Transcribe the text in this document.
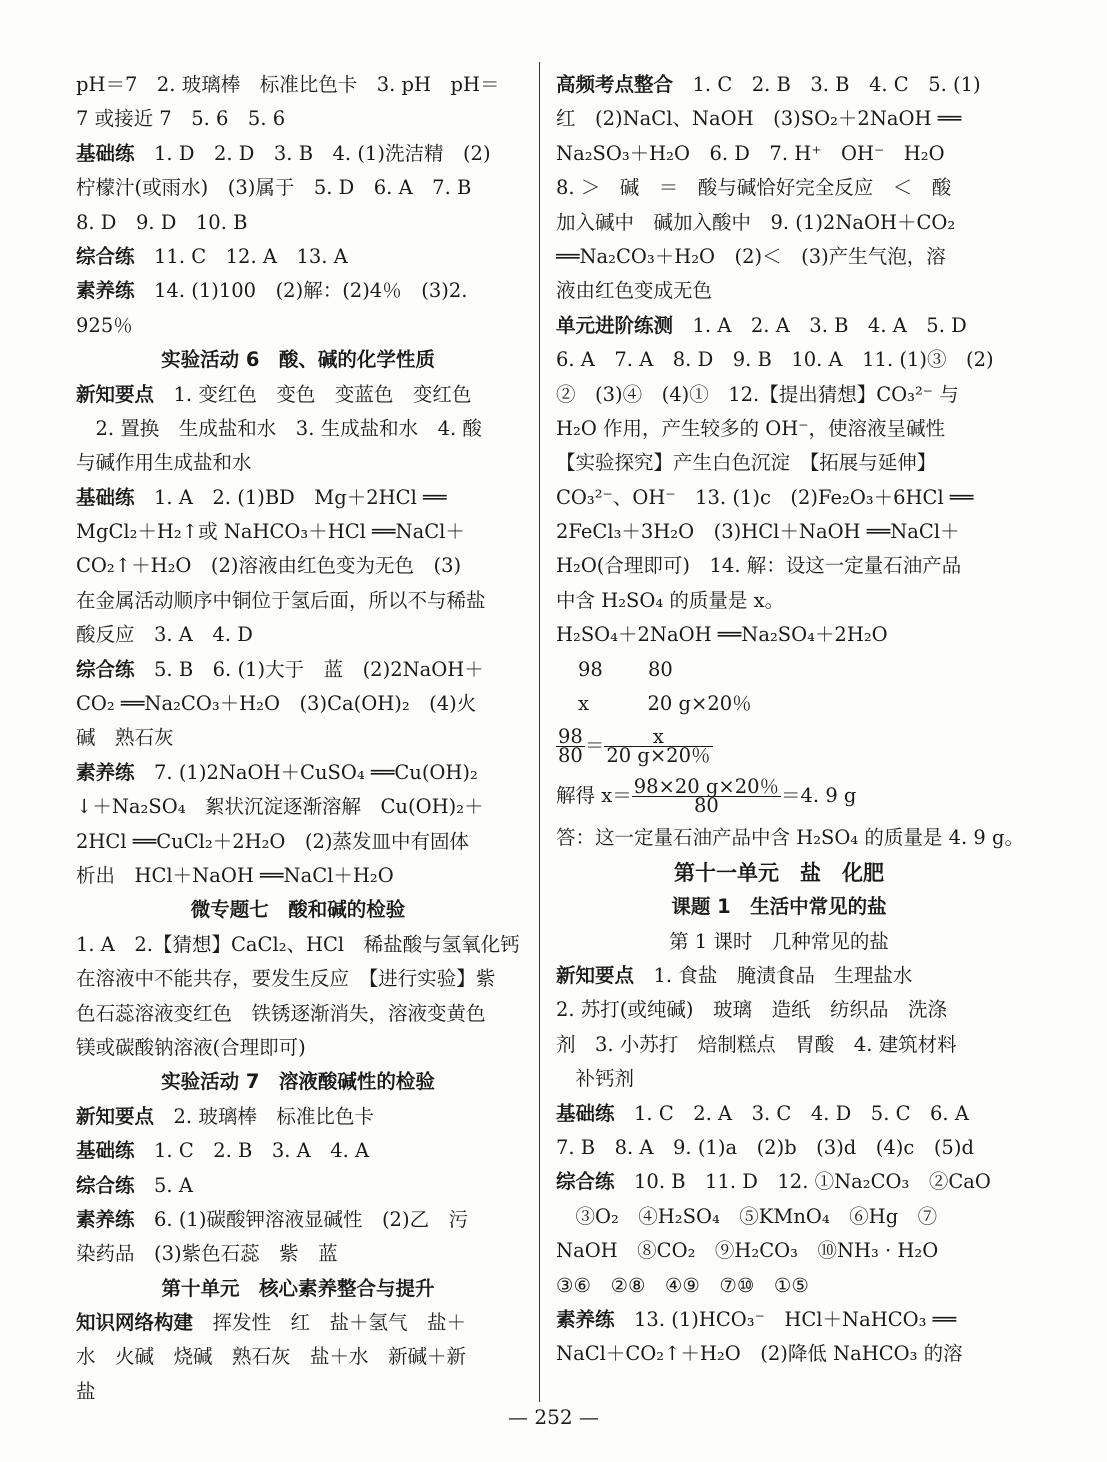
pH＝7　2. 玻璃棒　标准比色卡　3. pH　pH＝
7 或接近 7　5. 6　5. 6
基础练　1. D　2. D　3. B　4. (1)洗洁精　(2)
柠檬汁(或雨水)　(3)属于　5. D　6. A　7. B
8. D　9. D　10. B
综合练　11. C　12. A　13. A
素养练　14. (1)100　(2)解：(2)4％　(3)2.
925％
实验活动 6　酸、碱的化学性质
新知要点　1. 变红色　变色　变蓝色　变红色
　2. 置换　生成盐和水　3. 生成盐和水　4. 酸
与碱作用生成盐和水
基础练　1. A　2. (1)BD　Mg＋2HCl ══
MgCl₂＋H₂↑或 NaHCO₃＋HCl ══NaCl＋
CO₂↑＋H₂O　(2)溶液由红色变为无色　(3)
在金属活动顺序中铜位于氢后面，所以不与稀盐
酸反应　3. A　4. D
综合练　5. B　6. (1)大于　蓝　(2)2NaOH＋
CO₂ ══Na₂CO₃＋H₂O　(3)Ca(OH)₂　(4)火
碱　熟石灰
素养练　7. (1)2NaOH＋CuSO₄ ══Cu(OH)₂
↓＋Na₂SO₄　絮状沉淀逐渐溶解　Cu(OH)₂＋
2HCl ══CuCl₂＋2H₂O　(2)蒸发皿中有固体
析出　HCl＋NaOH ══NaCl＋H₂O
微专题七　酸和碱的检验
1. A　2.【猜想】CaCl₂、HCl　稀盐酸与氢氧化钙
在溶液中不能共存，要发生反应　【进行实验】紫
色石蕊溶液变红色　铁锈逐渐消失，溶液变黄色
镁或碳酸钠溶液(合理即可)
实验活动 7　溶液酸碱性的检验
新知要点　2. 玻璃棒　标准比色卡
基础练　1. C　2. B　3. A　4. A
综合练　5. A
素养练　6. (1)碳酸钾溶液显碱性　(2)乙　污
染药品　(3)紫色石蕊　紫　蓝
第十单元　核心素养整合与提升
知识网络构建　挥发性　红　盐＋氢气　盐＋
水　火碱　烧碱　熟石灰　盐＋水　新碱＋新
盐
高频考点整合　1. C　2. B　3. B　4. C　5. (1)
红　(2)NaCl、NaOH　(3)SO₂＋2NaOH ══
Na₂SO₃＋H₂O　6. D　7. H⁺　OH⁻　H₂O
8. ＞　碱　＝　酸与碱恰好完全反应　＜　酸
加入碱中　碱加入酸中　9. (1)2NaOH＋CO₂
══Na₂CO₃＋H₂O　(2)＜　(3)产生气泡，溶
液由红色变成无色
单元进阶练测　1. A　2. A　3. B　4. A　5. D
6. A　7. A　8. D　9. B　10. A　11. (1)③　(2)
②　(3)④　(4)①　12.【提出猜想】CO₃²⁻ 与
H₂O 作用，产生较多的 OH⁻，使溶液呈碱性
【实验探究】产生白色沉淀　【拓展与延伸】
CO₃²⁻、OH⁻　13. (1)c　(2)Fe₂O₃＋6HCl ══
2FeCl₃＋3H₂O　(3)HCl＋NaOH ══NaCl＋
H₂O(合理即可)　14. 解：设这一定量石油产品
中含 H₂SO₄ 的质量是 x。
H₂SO₄＋2NaOH ══Na₂SO₄＋2H₂O
98　　 80
x　　　20 g×20％
$\frac{98}{80} = \frac{x}{20 g\times 20\%}$
解得 $x= \frac{98\times 20 g\times 20\%}{80} =4$. 9 g
答：这一定量石油产品中含 H₂SO₄ 的质量是 4. 9 g。
第十一单元　盐　化肥
课题 1　生活中常见的盐
第 1 课时　几种常见的盐
新知要点　1. 食盐　腌渍食品　生理盐水
2. 苏打(或纯碱)　玻璃　造纸　纺织品　洗涤
剂　3. 小苏打　焙制糕点　胃酸　4. 建筑材料
　补钙剂
基础练　1. C　2. A　3. C　4. D　5. C　6. A
7. B　8. A　9. (1)a　(2)b　(3)d　(4)c　(5)d
综合练　10. B　11. D　12. ①Na₂CO₃　②CaO
　③O₂　④H₂SO₄　⑤KMnO₄　⑥Hg　⑦
NaOH　⑧CO₂　⑨H₂CO₃　⑩NH₃ · H₂O
③⑥　②⑧　④⑨　⑦⑩　①⑤
素养练　13. (1)HCO₃⁻　HCl＋NaHCO₃ ══
NaCl＋CO₂↑＋H₂O　(2)降低 NaHCO₃ 的溶
— 252 —
